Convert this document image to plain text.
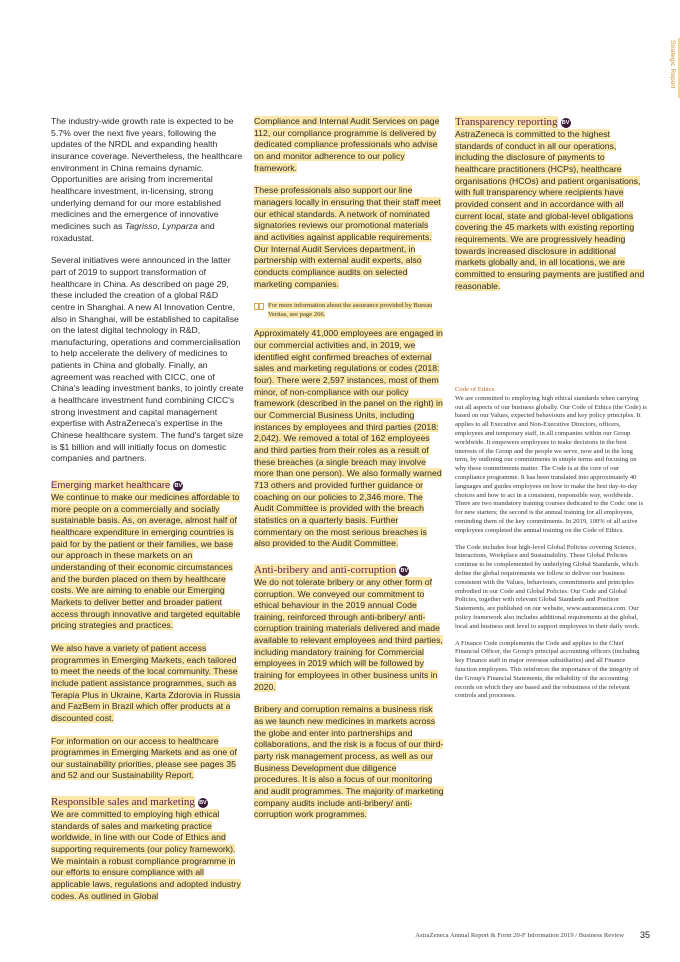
Strategic Report

The industry-wide growth rate is expected to be 5.7% over the next five years, following the updates of the NRDL and expanding health insurance coverage. Nevertheless, the healthcare environment in China remains dynamic. Opportunities are arising from incremental healthcare investment, in-licensing, strong underlying demand for our more established medicines and the emergence of innovative medicines such as Tagrisso, Lynparza and roxadustat.

Several initiatives were announced in the latter part of 2019 to support transformation of healthcare in China. As described on page 29, these included the creation of a global R&D centre in Shanghai. A new AI Innovation Centre, also in Shanghai, will be established to capitalise on the latest digital technology in R&D, manufacturing, operations and commercialisation to help accelerate the delivery of medicines to patients in China and globally. Finally, an agreement was reached with CICC, one of China's leading investment banks, to jointly create a healthcare investment fund combining CICC's strong investment and capital management expertise with AstraZeneca's expertise in the Chinese healthcare system. The fund's target size is $1 billion and will initially focus on domestic companies and partners.

Emerging market healthcare BV

We continue to make our medicines affordable to more people on a commercially and socially sustainable basis. As, on average, almost half of healthcare expenditure in emerging countries is paid for by the patient or their families, we base our approach in these markets on an understanding of their economic circumstances and the burden placed on them by healthcare costs. We are aiming to enable our Emerging Markets to deliver better and broader patient access through innovative and targeted equitable pricing strategies and practices.

We also have a variety of patient access programmes in Emerging Markets, each tailored to meet the needs of the local community. These include patient assistance programmes, such as Terapia Plus in Ukraine, Karta Zdorovia in Russia and FazBem in Brazil which offer products at a discounted cost.

For information on our access to healthcare programmes in Emerging Markets and as one of our sustainability priorities, please see pages 35 and 52 and our Sustainability Report.

Responsible sales and marketing BV

We are committed to employing high ethical standards of sales and marketing practice worldwide, in line with our Code of Ethics and supporting requirements (our policy framework). We maintain a robust compliance programme in our efforts to ensure compliance with all applicable laws, regulations and adopted industry codes. As outlined in Global

Compliance and Internal Audit Services on page 112, our compliance programme is delivered by dedicated compliance professionals who advise on and monitor adherence to our policy framework.

These professionals also support our line managers locally in ensuring that their staff meet our ethical standards. A network of nominated signatories reviews our promotional materials and activities against applicable requirements. Our Internal Audit Services department, in partnership with external audit experts, also conducts compliance audits on selected marketing companies.

For more information about the assurance provided by Bureau Veritas, see page 266.

Approximately 41,000 employees are engaged in our commercial activities and, in 2019, we identified eight confirmed breaches of external sales and marketing regulations or codes (2018: four). There were 2,597 instances, most of them minor, of non-compliance with our policy framework (described in the panel on the right) in our Commercial Business Units, including instances by employees and third parties (2018: 2,042). We removed a total of 162 employees and third parties from their roles as a result of these breaches (a single breach may involve more than one person). We also formally warned 713 others and provided further guidance or coaching on our policies to 2,346 more. The Audit Committee is provided with the breach statistics on a quarterly basis. Further commentary on the most serious breaches is also provided to the Audit Committee.

Anti-bribery and anti-corruption BV

We do not tolerate bribery or any other form of corruption. We conveyed our commitment to ethical behaviour in the 2019 annual Code training, reinforced through anti-bribery/ anti-corruption training materials delivered and made available to relevant employees and third parties, including mandatory training for Commercial employees in 2019 which will be followed by training for employees in other business units in 2020.

Bribery and corruption remains a business risk as we launch new medicines in markets across the globe and enter into partnerships and collaborations, and the risk is a focus of our third-party risk management process, as well as our Business Development due diligence procedures. It is also a focus of our monitoring and audit programmes. The majority of marketing company audits include anti-bribery/ anti-corruption work programmes.

Transparency reporting BV

AstraZeneca is committed to the highest standards of conduct in all our operations, including the disclosure of payments to healthcare practitioners (HCPs), healthcare organisations (HCOs) and patient organisations, with full transparency where recipients have provided consent and in accordance with all current local, state and global-level obligations covering the 45 markets with existing reporting requirements. We are progressively heading towards increased disclosure in additional markets globally and, in all locations, we are committed to ensuring payments are justified and reasonable.

Code of Ethics

We are committed to employing high ethical standards when carrying out all aspects of our business globally. Our Code of Ethics (the Code) is based on our Values, expected behaviours and key policy principles. It applies to all Executive and Non-Executive Directors, officers, employees and temporary staff, in all companies within our Group worldwide. It empowers employees to make decisions in the best interests of the Group and the people we serve, now and in the long term, by outlining our commitments in simple terms and focusing on why these commitments matter. The Code is at the core of our compliance programme. It has been translated into approximately 40 languages and guides employees on how to make the best day-to-day choices and how to act in a consistent, responsible way, worldwide. There are two mandatory training courses dedicated to the Code: one is for new starters; the second is the annual training for all employees, reminding them of the key commitments. In 2019, 100% of all active employees completed the annual training on the Code of Ethics.

The Code includes four high-level Global Policies covering Science, Interactions, Workplace and Sustainability. These Global Policies continue to be complemented by underlying Global Standards, which define the global requirements we follow to deliver our business consistent with the Values, behaviours, commitments and principles embodied in our Code and Global Policies. Our Code and Global Policies, together with relevant Global Standards and Position Statements, are published on our website, www.astrazeneca.com. Our policy framework also includes additional requirements at the global, local and business unit level to support employees in their daily work.

A Finance Code complements the Code and applies to the Chief Financial Officer, the Group's principal accounting officers (including key Finance staff in major overseas subsidiaries) and all Finance function employees. This reinforces the importance of the integrity of the Group's Financial Statements, the reliability of the accounting records on which they are based and the robustness of the relevant controls and processes.

AstraZeneca Annual Report & Form 20-F Information 2019 / Business Review 35
